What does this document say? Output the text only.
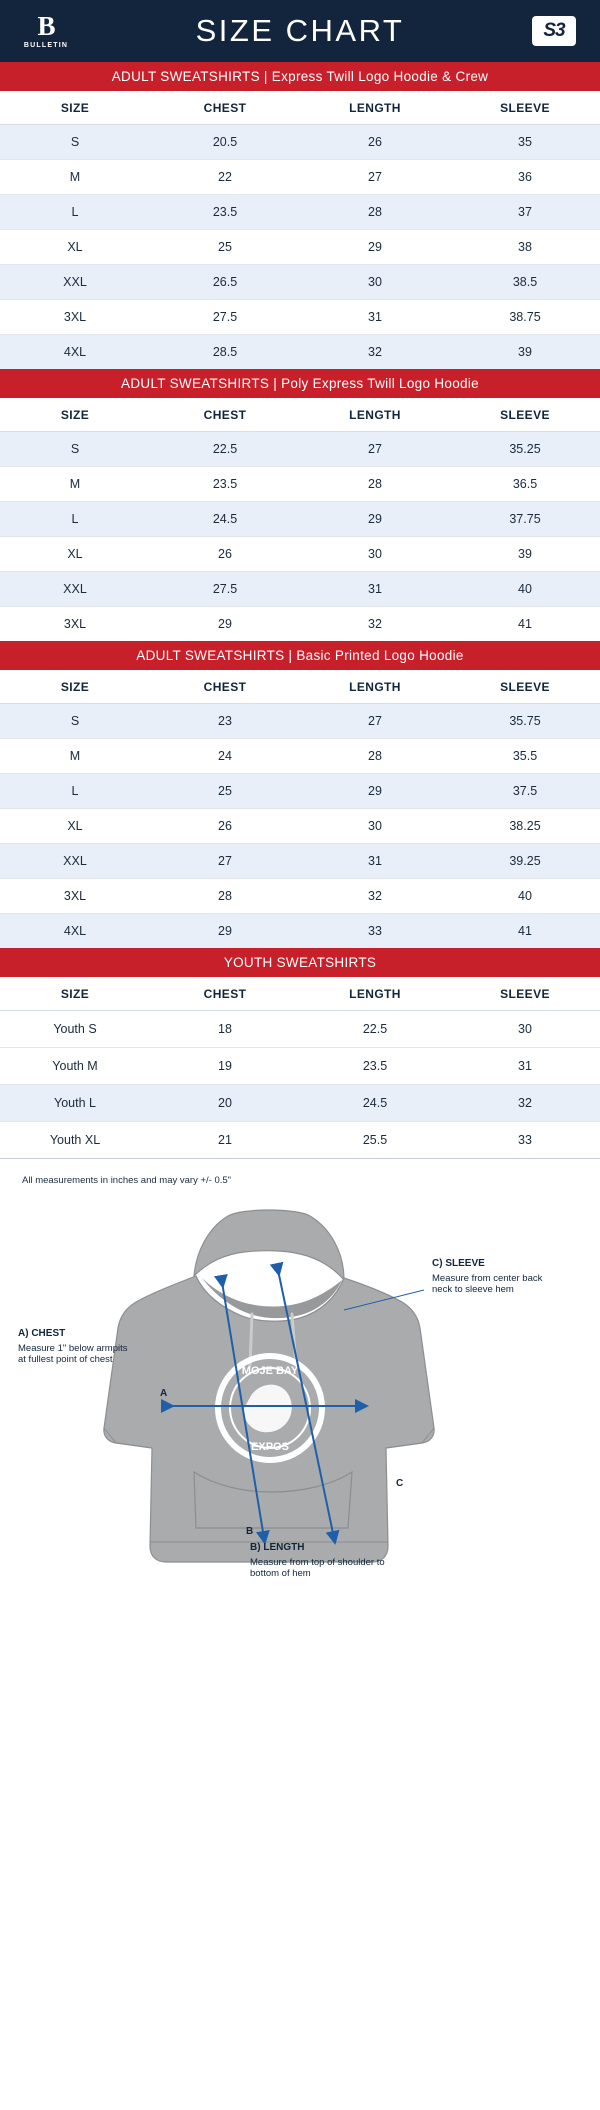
B
BULLETIN	SIZE CHART	S3
ADULT SWEATSHIRTS | Express Twill Logo Hoodie & Crew
SIZE	CHEST	LENGTH	SLEEVE
S	20.5	26	35
M	22	27	36
L	23.5	28	37
XL	25	29	38
XXL	26.5	30	38.5
3XL	27.5	31	38.75
4XL	28.5	32	39
ADULT SWEATSHIRTS | Poly Express Twill Logo Hoodie
SIZE	CHEST	LENGTH	SLEEVE
S	22.5	27	35.25
M	23.5	28	36.5
L	24.5	29	37.75
XL	26	30	39
XXL	27.5	31	40
3XL	29	32	41
ADULT SWEATSHIRTS | Basic Printed Logo Hoodie
SIZE	CHEST	LENGTH	SLEEVE
S	23	27	35.75
M	24	28	35.5
L	25	29	37.5
XL	26	30	38.25
XXL	27	31	39.25
3XL	28	32	40
4XL	29	33	41
YOUTH SWEATSHIRTS
SIZE	CHEST	LENGTH	SLEEVE
Youth S	18	22.5	30
Youth M	19	23.5	31
Youth L	20	24.5	32
Youth XL	21	25.5	33
All measurements in inches and may vary +/- 0.5"
MOJE BAY
EXPOS
A
B
C
A) CHEST
Measure 1" below armpits at fullest point of chest
C) SLEEVE
Measure from center back neck to sleeve hem
B) LENGTH
Measure from top of shoulder to bottom of hem
